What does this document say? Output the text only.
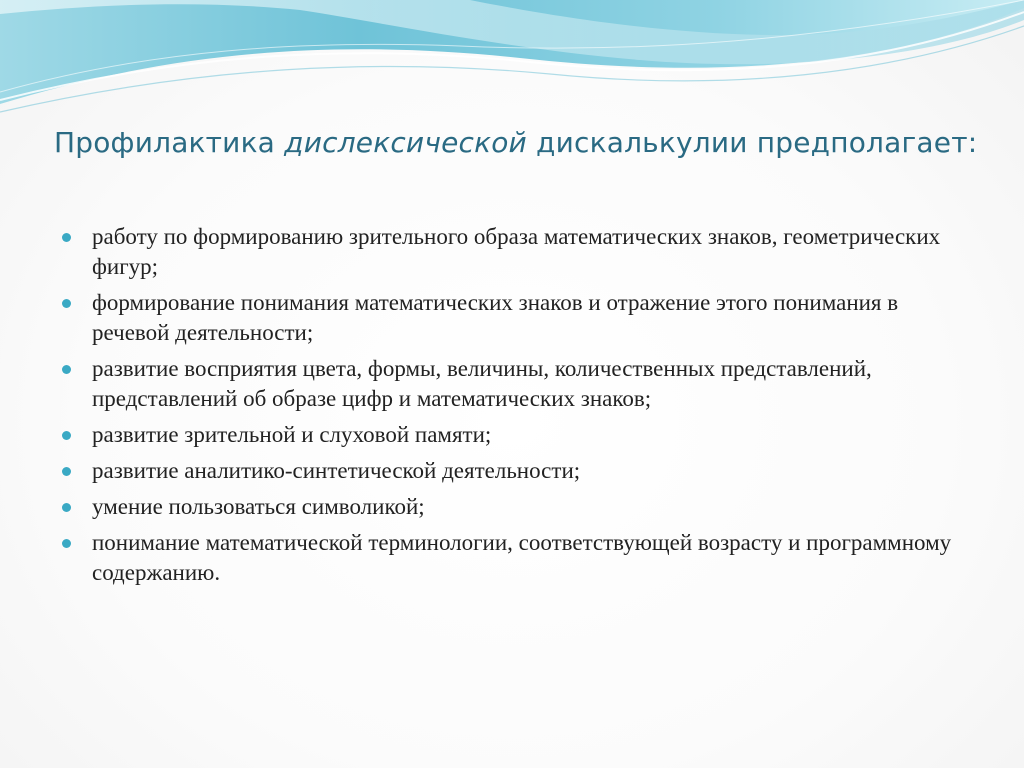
Профилактика дислексической дискалькулии предполагает:
работу по формированию зрительного образа математических знаков, геометрических фигур;
формирование понимания математических знаков и отражение этого понимания в речевой деятельности;
развитие восприятия цвета, формы, величины, количественных представлений, представлений об образе цифр и математических знаков;
развитие зрительной и слуховой памяти;
развитие аналитико-синтетической деятельности;
умение пользоваться символикой;
понимание математической терминологии, соответствующей возрасту и программному содержанию.
